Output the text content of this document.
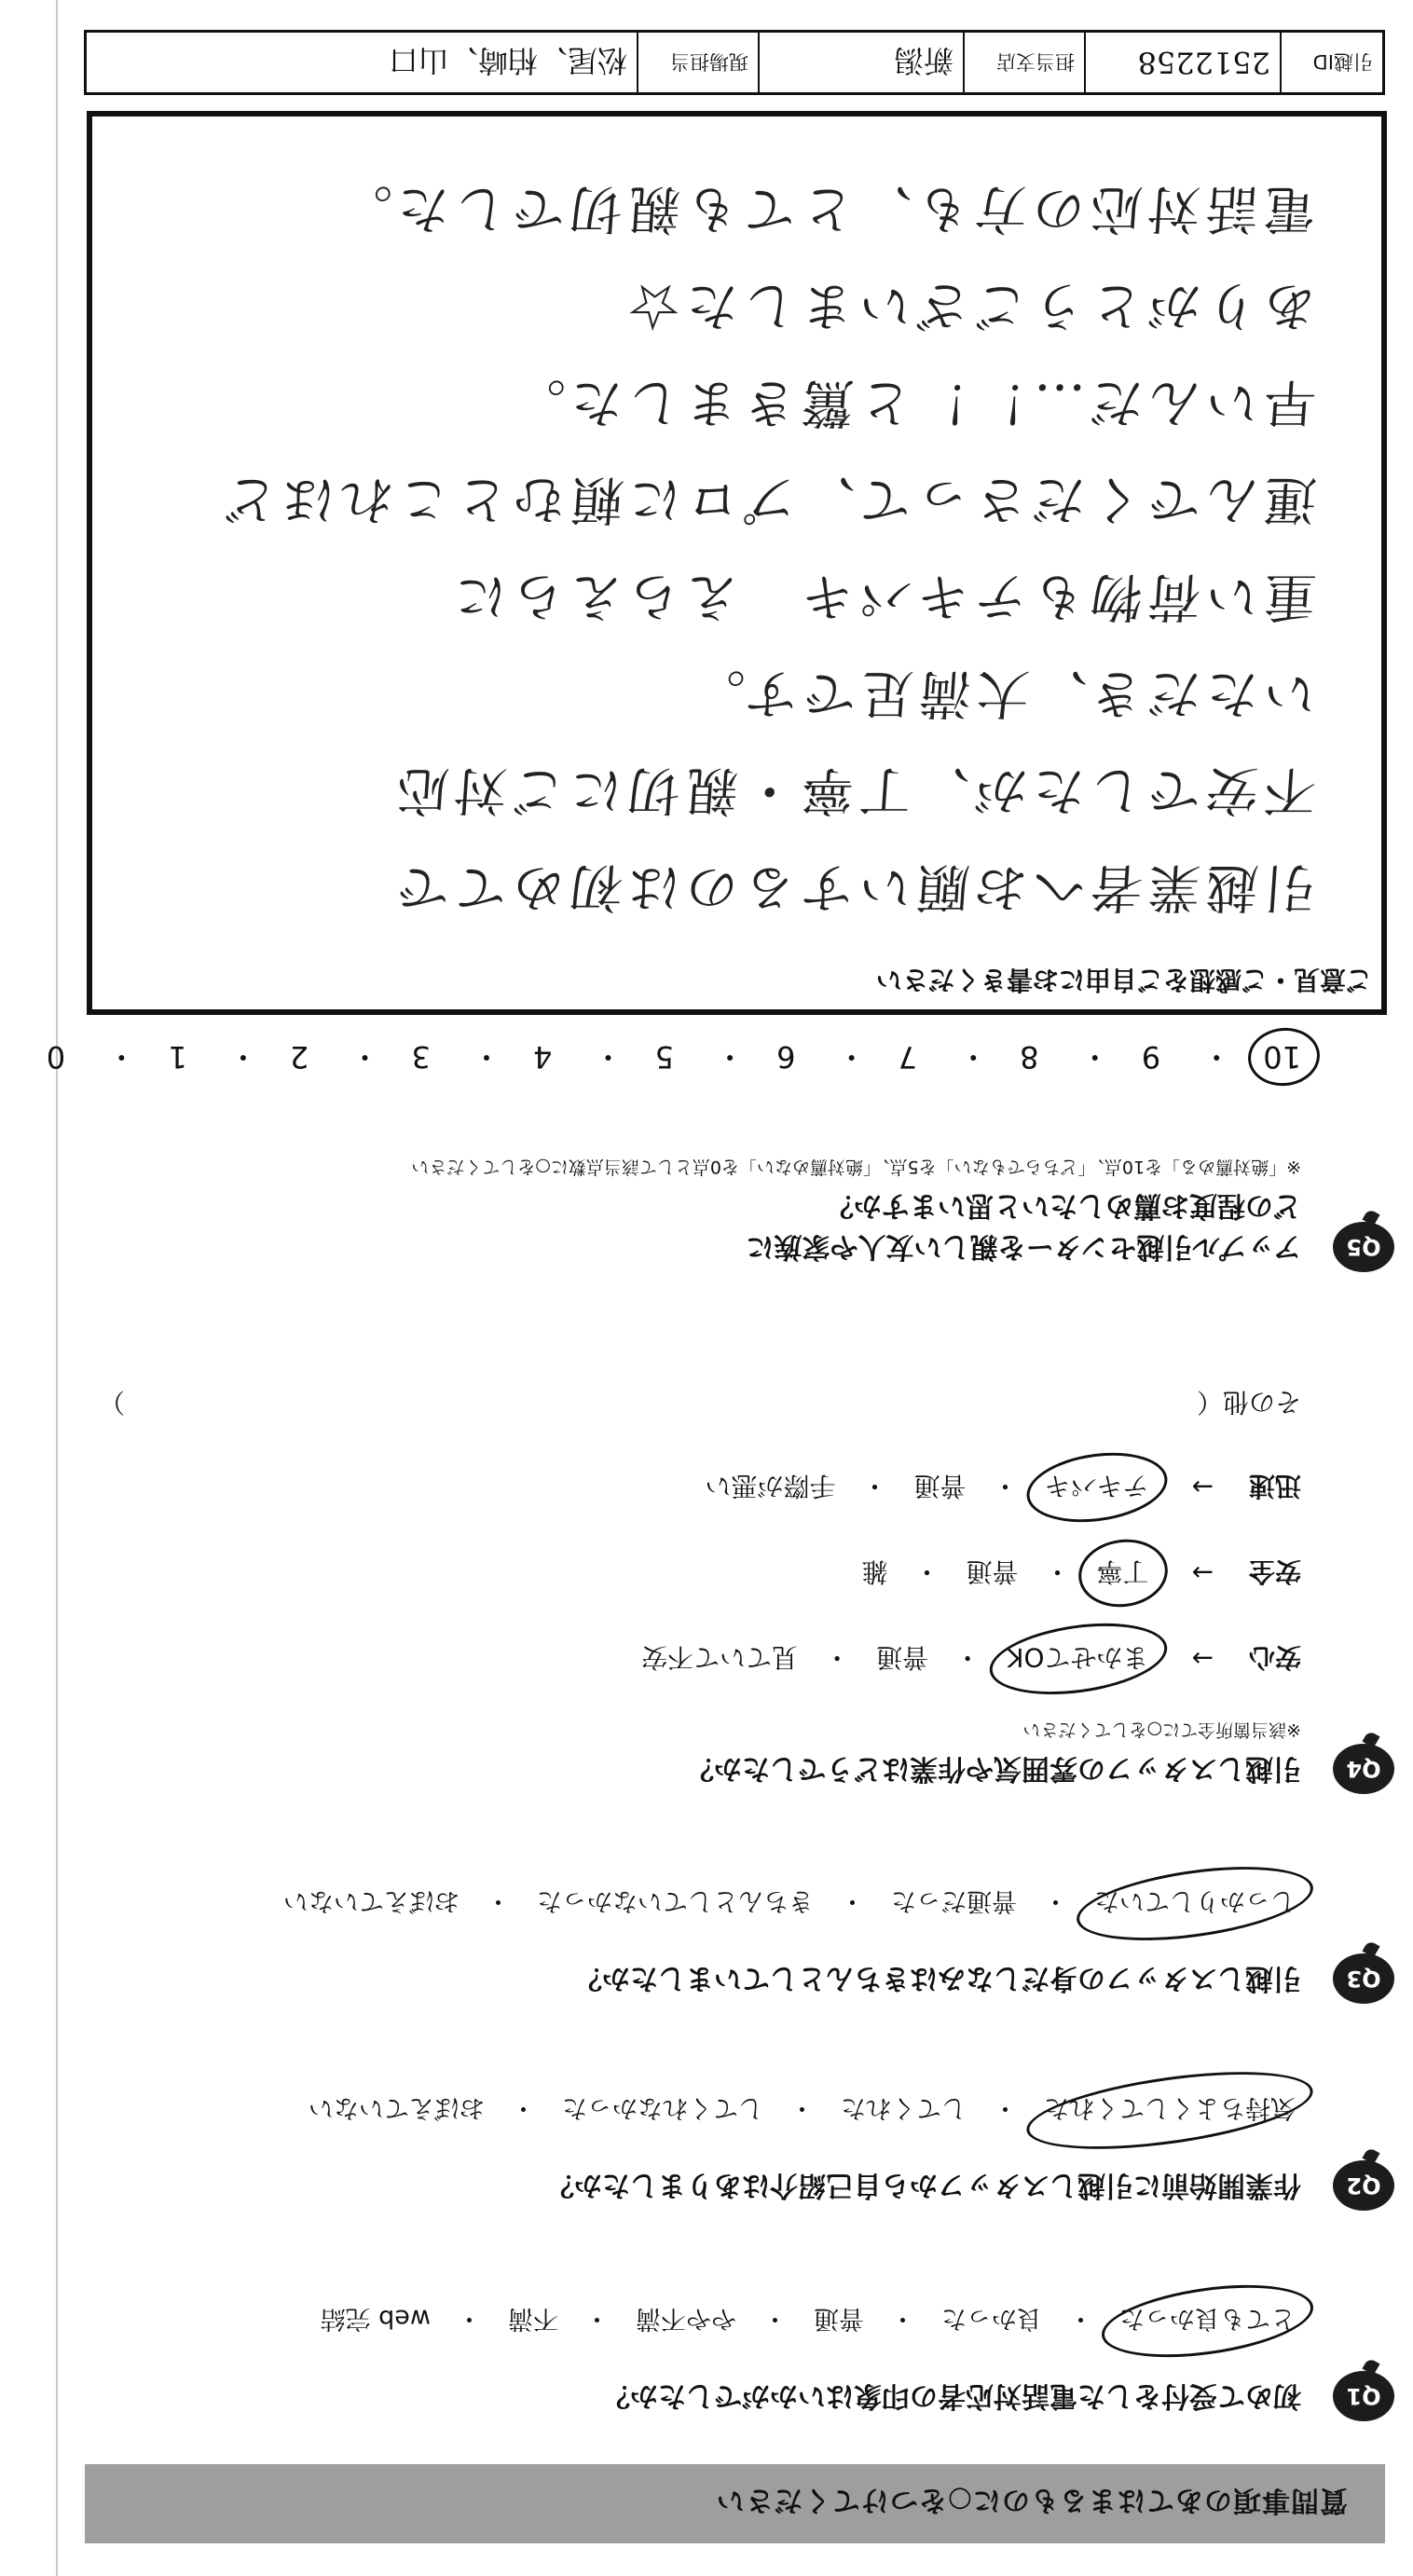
質問事項のあてはまるものに○をつけてください
Q1
初めて受付をした電話対応者の印象はいかがでしたか？
とても良かった
・
良かった
・
普通
・
やや不満
・
不満
・
web 完結
Q2
作業開始前に引越しスタッフから自己紹介はありましたか？
気持ちよくしてくれた
・
してくれた
・
してくれなかった
・
おぼえていない
Q3
引越しスタッフの身だしなみはきちんとしていましたか？
しっかりしていた
・
普通だった
・
きちんとしていなかった
・
おぼえていない
Q4
引越しスタッフの雰囲気や作業はどうでしたか？
※該当箇所全てに○をしてください
安心
→
まかせてOK
・
普通
・
見ていて不安
安全
→
丁寧
・
普通
・
雑
迅速
→
テキパキ
・
普通
・
手際が悪い
その他（
）
Q5
アップル引越センターを親しい友人や家族に
どの程度お薦めしたいと思いますか？
※「絶対薦める」を10点、「どちらでもない」を5点、「絶対薦めない」を0点として該当点数に○をしてください
10・ 9・ 8・ 7・ 6・ 5・ 4・ 3・ 2・ 1・ 0
ご意見・ご感想をご自由にお書きください
引越業者へお願いするのは初めてで
不安でしたが、丁寧・親切にご対応
いただき、大満足です。
重い荷物もテキパキ　えらえらに
運んでくださって、プロに頼むとこれほど
早いんだ…！！と驚きました。
ありがとうございました☆
電話対応の方も、とても親切でした。
引越ID
2512258
担当支店
新潟
現場担当
松尾、柏崎、山口
